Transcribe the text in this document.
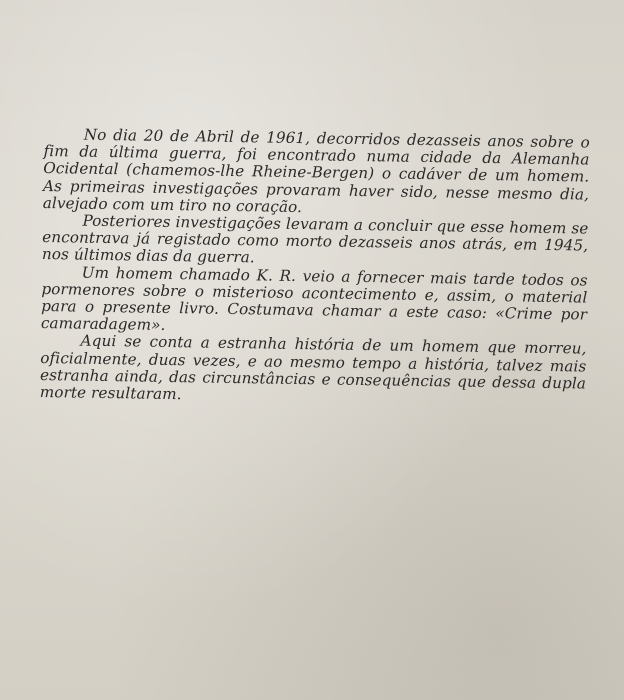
No dia 20 de Abril de 1961, decorridos dezasseis anos sobre o fim da última guerra, foi encontrado numa cidade da Alemanha Ocidental (chamemos-lhe Rheine-Bergen) o cadáver de um homem. As primeiras investigações provaram haver sido, nesse mesmo dia, alvejado com um tiro no coração.

Posteriores investigações levaram a concluir que esse homem se encontrava já registado como morto dezasseis anos atrás, em 1945, nos últimos dias da guerra.

Um homem chamado K. R. veio a fornecer mais tarde todos os pormenores sobre o misterioso acontecimento e, assim, o material para o presente livro. Costumava chamar a este caso: «Crime por camaradagem».

Aqui se conta a estranha história de um homem que morreu, oficialmente, duas vezes, e ao mesmo tempo a história, talvez mais estranha ainda, das circunstâncias e consequências que dessa dupla morte resultaram.
